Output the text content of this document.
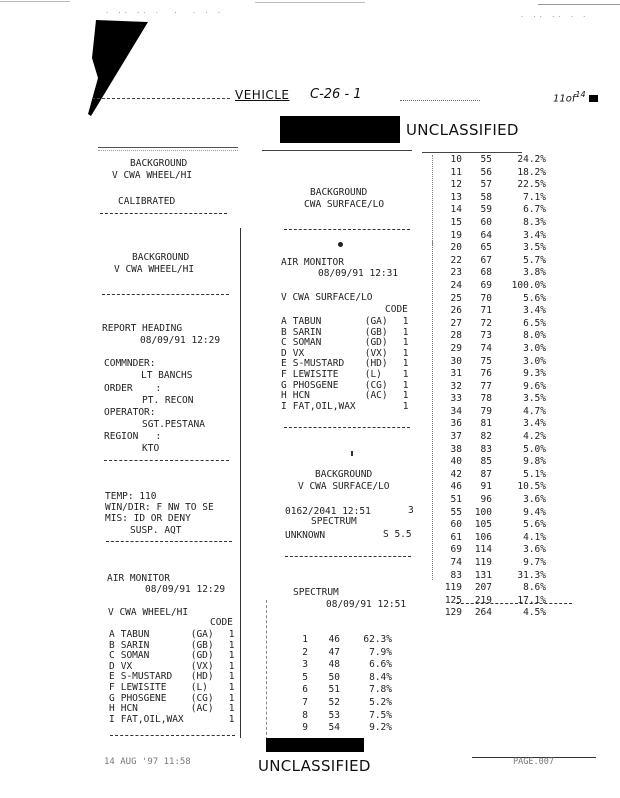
· ·· ·· ·  ·  · · ·	· ·· ·· · ·
VEHICLE C-26 - 1	$11of^{14}$
UNCLASSIFIED
BACKGROUND
V CWA WHEEL/HI
CALIBRATED
BACKGROUND
V CWA WHEEL/HI
REPORT HEADING
08/09/91 12:29
COMMNDER:
LT BANCHS
ORDER    :
PT. RECON
OPERATOR:
SGT.PESTANA
REGION   :
KTO
TEMP: 110
WIN/DIR: F NW TO SE
MIS: ID OR DENY
SUSP. AQT
AIR MONITOR
08/09/91 12:29
V CWA WHEEL/HI
CODE
A	TABUN	(GA)	1
B	SARIN	(GB)	1
C	SOMAN	(GD)	1
D	VX	(VX)	1
E	S-MUSTARD	(HD)	1
F	LEWISITE	(L)	1
G	PHOSGENE	(CG)	1
H	HCN	(AC)	1
I	FAT,OIL,WAX		1
BACKGROUND
CWA SURFACE/LO
AIR MONITOR
08/09/91 12:31
V CWA SURFACE/LO
CODE
A	TABUN	(GA)	1
B	SARIN	(GB)	1
C	SOMAN	(GD)	1
D	VX	(VX)	1
E	S-MUSTARD	(HD)	1
F	LEWISITE	(L)	1
G	PHOSGENE	(CG)	1
H	HCN	(AC)	1
I	FAT,OIL,WAX		1
BACKGROUND
V CWA SURFACE/LO
0162/2041 12:51	3
SPECTRUM
UNKNOWN	S 5.5
SPECTRUM
08/09/91 12:51
1	46	62.3%
2	47	7.9%
3	48	6.6%
5	50	8.4%
6	51	7.8%
7	52	5.2%
8	53	7.5%
9	54	9.2%
10	55	24.2%
11	56	18.2%
12	57	22.5%
13	58	7.1%
14	59	6.7%
15	60	8.3%
19	64	3.4%
20	65	3.5%
22	67	5.7%
23	68	3.8%
24	69	100.0%
25	70	5.6%
26	71	3.4%
27	72	6.5%
28	73	8.0%
29	74	3.0%
30	75	3.0%
31	76	9.3%
32	77	9.6%
33	78	3.5%
34	79	4.7%
36	81	3.4%
37	82	4.2%
38	83	5.0%
40	85	9.8%
42	87	5.1%
46	91	10.5%
51	96	3.6%
55	100	9.4%
60	105	5.6%
61	106	4.1%
69	114	3.6%
74	119	9.7%
83	131	31.3%
119	207	8.6%
125	219	17.1%
129	264	4.5%
14 AUG '97 11:58	UNCLASSIFIED	PAGE.007
